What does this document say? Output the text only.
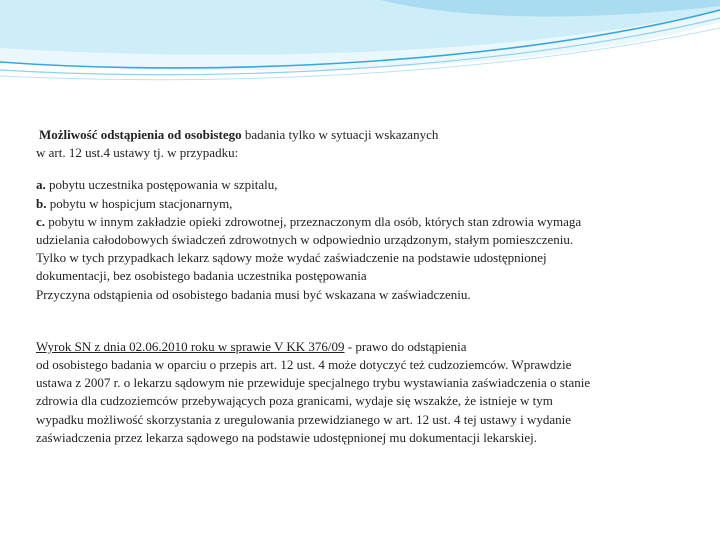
Możliwość odstąpienia od osobistego badania tylko w sytuacji wskazanych
w art. 12 ust.4 ustawy tj. w przypadku:

a. pobytu uczestnika postępowania w szpitalu,
b. pobytu w hospicjum stacjonarnym,
c. pobytu w innym zakładzie opieki zdrowotnej, przeznaczonym dla osób, których stan zdrowia wymaga
udzielania całodobowych świadczeń zdrowotnych w odpowiednio urządzonym, stałym pomieszczeniu.
Tylko w tych przypadkach lekarz sądowy może wydać zaświadczenie na podstawie udostępnionej
dokumentacji, bez osobistego badania uczestnika postępowania
Przyczyna odstąpienia od osobistego badania musi być wskazana w zaświadczeniu.

Wyrok SN z dnia 02.06.2010 roku w sprawie V KK 376/09 - prawo do odstąpienia
od osobistego badania w oparciu o przepis art. 12 ust. 4 może dotyczyć też cudzoziemców. Wprawdzie
ustawa z 2007 r. o lekarzu sądowym nie przewiduje specjalnego trybu wystawiania zaświadczenia o stanie
zdrowia dla cudzoziemców przebywających poza granicami, wydaje się wszakże, że istnieje w tym
wypadku możliwość skorzystania z uregulowania przewidzianego w art. 12 ust. 4 tej ustawy i wydanie
zaświadczenia przez lekarza sądowego na podstawie udostępnionej mu dokumentacji lekarskiej.
